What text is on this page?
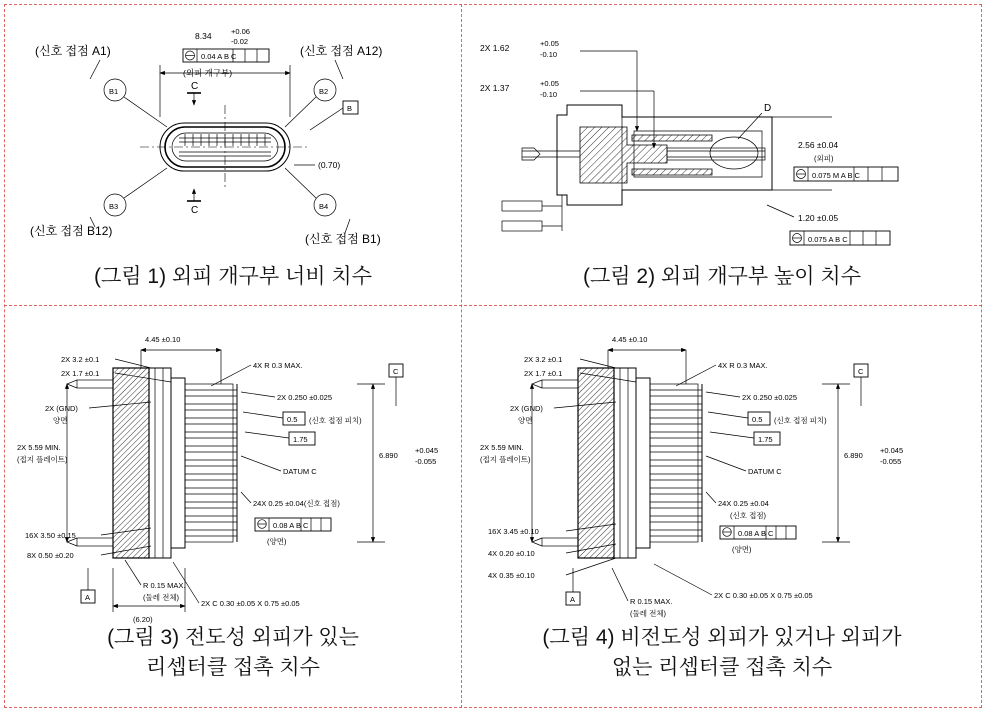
8.34	+0.06
-0.02
0.04 A B C
(외피 개구부)
C
C
(0.70)
B
B1	B2
B3	B4
(신호 접점 A1)	(신호 접점 A12)
(신호 접점 B12)
(신호 접점 B1)
(그림 1) 외피 개구부 너비 치수
D
2X 1.62	+0.05
-0.10
2X 1.37	+0.05
-0.10
2.56 ±0.04
(외피)
0.075 M A B C
1.20 ±0.05
0.075 A B C
(그림 2) 외피 개구부 높이 치수
4.45 ±0.10
2X 3.2 ±0.1
2X 1.7 ±0.1
4X R 0.3 MAX.
2X 0.250 ±0.025
0.5 (신호 접점 피치)
1.75
DATUM C
C
6.890
+0.045
-0.055
2X (GND)
양면
2X 5.59 MIN.
(접지 플레이트)
24X 0.25 ±0.04(신호 접점)
0.08 A B C
(양면)
16X 3.50 ±0.15
8X 0.50 ±0.20
R 0.15 MAX.
(둘레 전체)
2X C 0.30 ±0.05 X 0.75 ±0.05
A
(6.20)
(그림 3) 전도성 외피가 있는
리셉터클 접촉 치수
4.45 ±0.10
2X 3.2 ±0.1
2X 1.7 ±0.1
4X R 0.3 MAX.
2X 0.250 ±0.025
0.5 (신호 접점 피치)
1.75
DATUM C
C
6.890
+0.045
-0.055
2X (GND)
양면
2X 5.59 MIN.
(접지 플레이트)
24X 0.25 ±0.04
(신호 접점)
0.08 A B C
(양면)
16X 3.45 ±0.10
4X 0.20 ±0.10
4X 0.35 ±0.10
R 0.15 MAX.
(둘레 전체)
2X C 0.30 ±0.05 X 0.75 ±0.05
A
(그림 4) 비전도성 외피가 있거나 외피가
없는 리셉터클 접촉 치수
